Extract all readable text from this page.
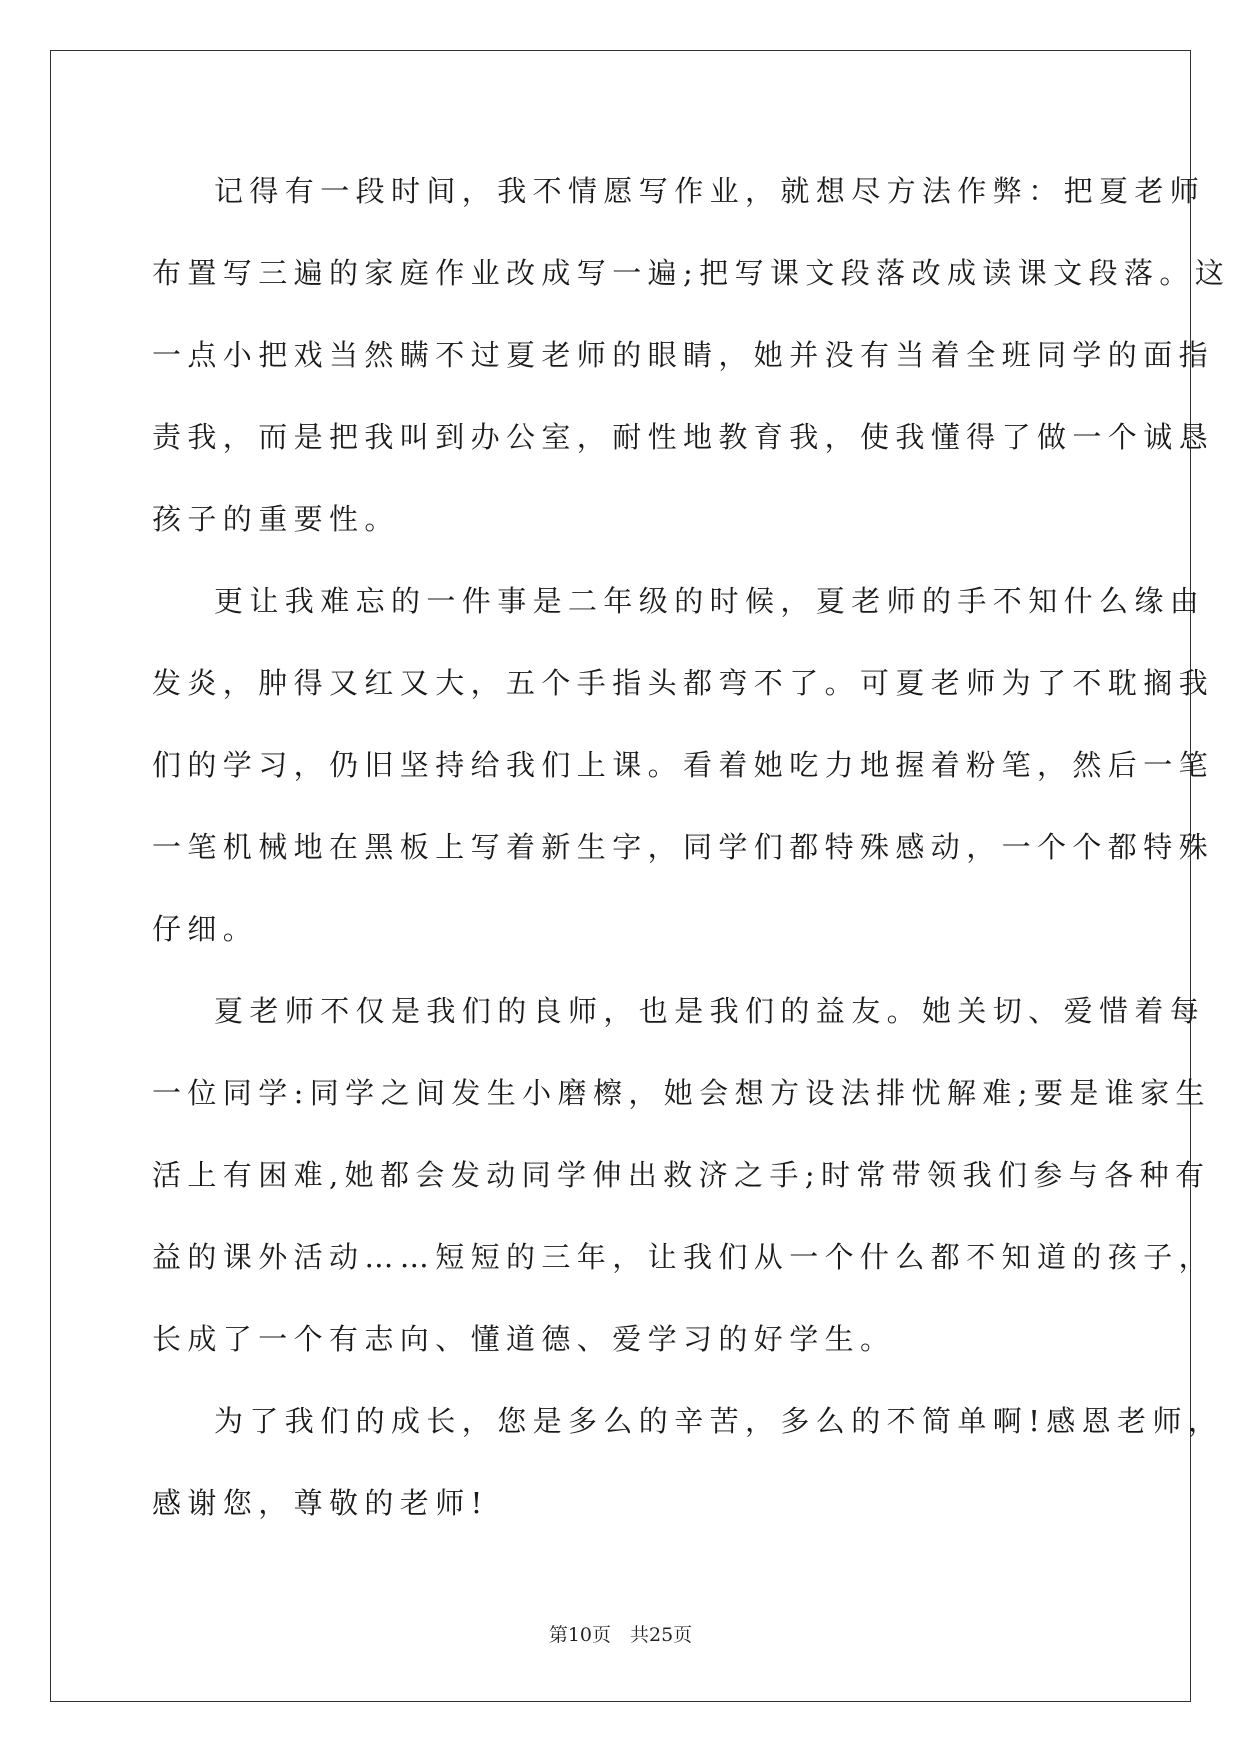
记得有一段时间，我不情愿写作业，就想尽方法作弊：把夏老师
布置写三遍的家庭作业改成写一遍;把写课文段落改成读课文段落。这
一点小把戏当然瞒不过夏老师的眼睛，她并没有当着全班同学的面指
责我，而是把我叫到办公室，耐性地教育我，使我懂得了做一个诚恳
孩子的重要性。
更让我难忘的一件事是二年级的时候，夏老师的手不知什么缘由
发炎，肿得又红又大，五个手指头都弯不了。可夏老师为了不耽搁我
们的学习，仍旧坚持给我们上课。看着她吃力地握着粉笔，然后一笔
一笔机械地在黑板上写着新生字，同学们都特殊感动，一个个都特殊
仔细。
夏老师不仅是我们的良师，也是我们的益友。她关切、爱惜着每
一位同学:同学之间发生小磨檫，她会想方设法排忧解难;要是谁家生
活上有困难,她都会发动同学伸出救济之手;时常带领我们参与各种有
益的课外活动……短短的三年，让我们从一个什么都不知道的孩子，
长成了一个有志向、懂道德、爱学习的好学生。
为了我们的成长，您是多么的辛苦，多么的不简单啊!感恩老师，
感谢您，尊敬的老师!
第10页　共25页
